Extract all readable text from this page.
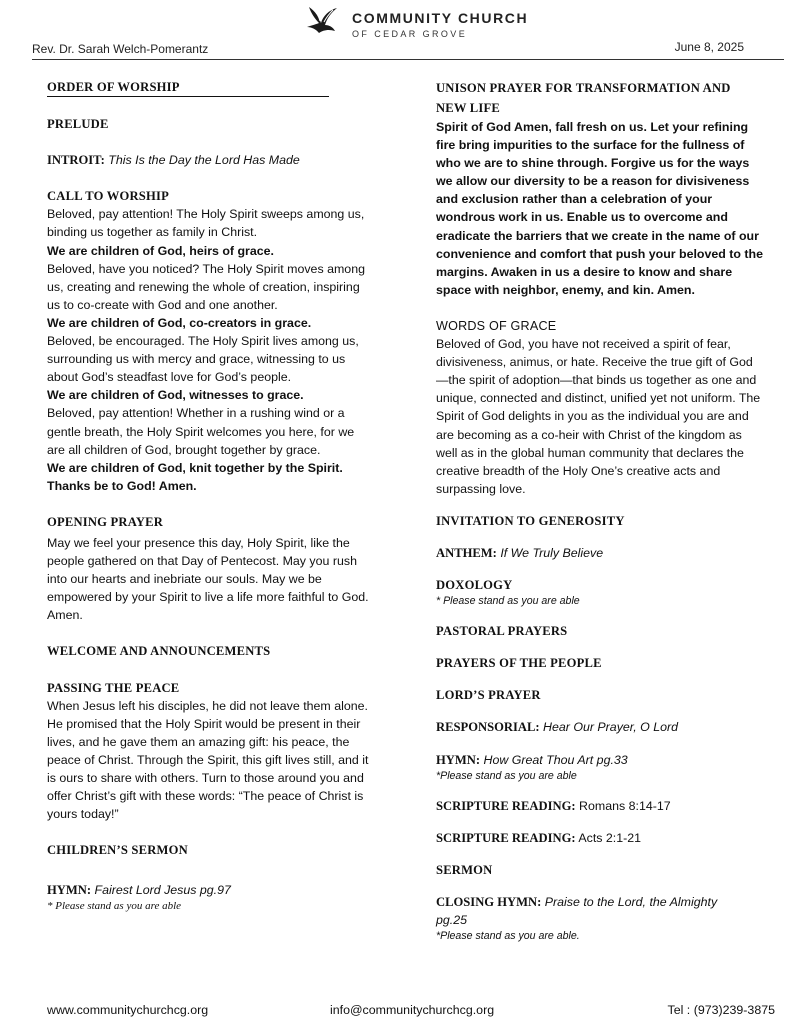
COMMUNITY CHURCH
OF CEDAR GROVE
Rev. Dr. Sarah Welch-Pomerantz	June 8, 2025
ORDER OF WORSHIP
PRELUDE

INTROIT: This Is the Day the Lord Has Made

CALL TO WORSHIP

Beloved, pay attention! The Holy Spirit sweeps among us, binding us together as family in Christ.

We are children of God, heirs of grace.

Beloved, have you noticed? The Holy Spirit moves among us, creating and renewing the whole of creation, inspiring us to co-create with God and one another.

We are children of God, co-creators in grace.

Beloved, be encouraged. The Holy Spirit lives among us, surrounding us with mercy and grace, witnessing to us about God’s steadfast love for God’s people.

We are children of God, witnesses to grace.

Beloved, pay attention! Whether in a rushing wind or a gentle breath, the Holy Spirit welcomes you here, for we are all children of God, brought together by grace.

We are children of God, knit together by the Spirit. Thanks be to God! Amen.

OPENING PRAYER

May we feel your presence this day, Holy Spirit, like the people gathered on that Day of Pentecost. May you rush into our hearts and inebriate our souls. May we be empowered by your Spirit to live a life more faithful to God. Amen.

WELCOME AND ANNOUNCEMENTS
PASSING THE PEACE

When Jesus left his disciples, he did not leave them alone. He promised that the Holy Spirit would be present in their lives, and he gave them an amazing gift: his peace, the peace of Christ. Through the Spirit, this gift lives still, and it is ours to share with others. Turn to those around you and offer Christ’s gift with these words: “The peace of Christ is yours today!”

CHILDREN’S SERMON

HYMN: Fairest Lord Jesus pg.97

* Please stand as you are able
UNISON PRAYER FOR TRANSFORMATION AND NEW LIFE

Spirit of God Amen, fall fresh on us. Let your refining fire bring impurities to the surface for the fullness of who we are to shine through. Forgive us for the ways we allow our diversity to be a reason for divisiveness and exclusion rather than a celebration of your wondrous work in us. Enable us to overcome and eradicate the barriers that we create in the name of our convenience and comfort that push your beloved to the margins. Awaken in us a desire to know and share space with neighbor, enemy, and kin. Amen.

WORDS OF GRACE

Beloved of God, you have not received a spirit of fear, divisiveness, animus, or hate. Receive the true gift of God—the spirit of adoption—that binds us together as one and unique, connected and distinct, unified yet not uniform. The Spirit of God delights in you as the individual you are and are becoming as a co-heir with Christ of the kingdom as well as in the global human community that declares the creative breadth of the Holy One’s creative acts and surpassing love.

INVITATION TO GENEROSITY

ANTHEM: If We Truly Believe

DOXOLOGY
* Please stand as you are able
PASTORAL PRAYERS
PRAYERS OF THE PEOPLE
LORD’S PRAYER

RESPONSORIAL: Hear Our Prayer, O Lord

HYMN: How Great Thou Art pg.33

*Please stand as you are able

SCRIPTURE READING: Romans 8:14-17

SCRIPTURE READING: Acts 2:1-21

SERMON

CLOSING HYMN: Praise to the Lord, the Almighty pg.25

*Please stand as you are able.
www.communitychurchcg.org	info@communitychurchcg.org	Tel : (973)239-3875
